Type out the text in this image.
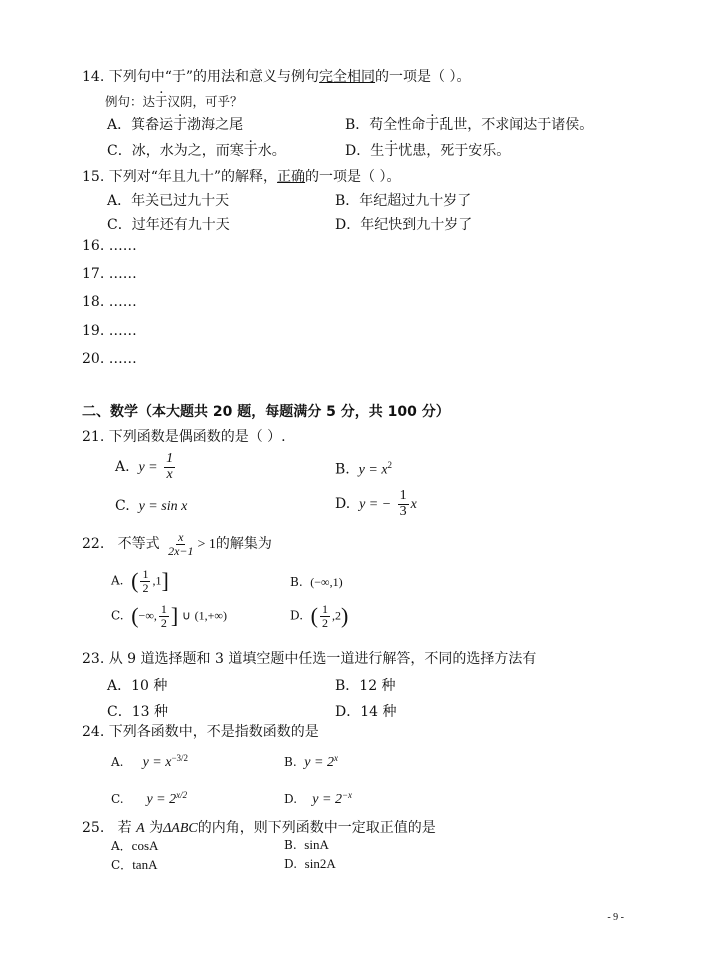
14. 下列句中“于”的用法和意义与例句完全相同的一项是（ ）。
例句：达于汉阴，可乎？
A．箕畚运于渤海之尾	B．苟全性命于乱世，不求闻达于诸侯。
C．冰，水为之，而寒于水。	D．生于忧患，死于安乐。
15. 下列对“年且九十”的解释，正确的一项是（ ）。
A．年关已过九十天	B．年纪超过九十岁了
C．过年还有九十天	D．年纪快到九十岁了
16. ……
17. ……
18. ……
19. ……
20. ……
二、数学（本大题共 20 题，每题满分 5 分，共 100 分）
21. 下列函数是偶函数的是（ ）.
A. $y = \frac{1}{x}$	B. $y = x^2$
C. y = sin x	D. y = − $\frac{1}{3}$ x
22. 不等式 $\frac{x}{2x-1} > 1$的解集为
A. ( $\frac{1}{2} ,1$]	B. (−∞,1)
C. (−∞, $\frac{1}{2}$ ] ∪ (1,+∞)	D. ( $\frac{1}{2} ,2$)
23. 从 9 道选择题和 3 道填空题中任选一道进行解答，不同的选择方法有
A．10 种	B．12 种
C．13 种	D．14 种
24. 下列各函数中，不是指数函数的是
A. $y = x^{-3/2}$	B. $y = 2^x$
C. $y = 2^{x/2}$	D. $y = 2^{-x}$
25. 若 A 为ΔABC的内角，则下列函数中一定取正值的是
A．cosA	B. sinA
C．tanA	D. sin2A
- 9 -
